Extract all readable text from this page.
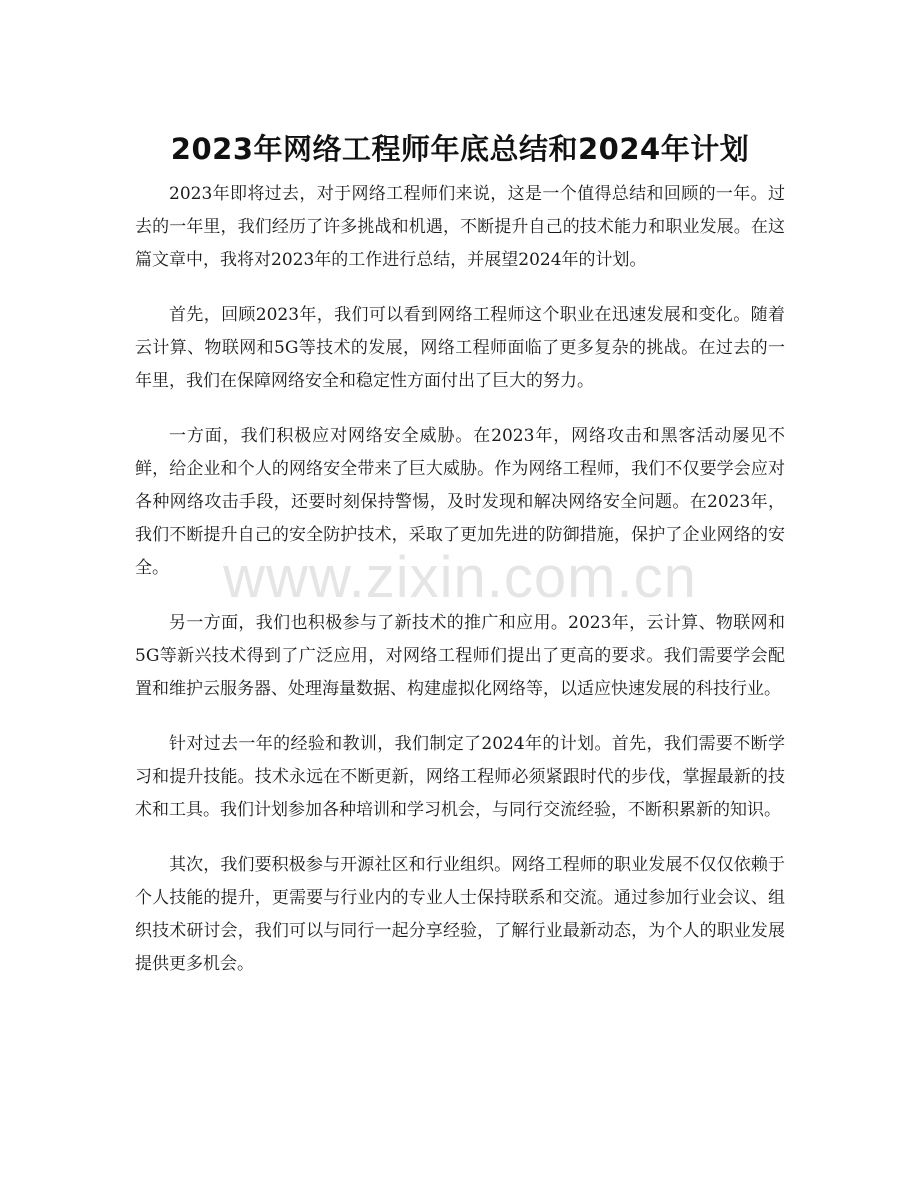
2023年网络工程师年底总结和2024年计划

2023年即将过去，对于网络工程师们来说，这是一个值得总结和回顾的一年。过去的一年里，我们经历了许多挑战和机遇，不断提升自己的技术能力和职业发展。在这篇文章中，我将对2023年的工作进行总结，并展望2024年的计划。

首先，回顾2023年，我们可以看到网络工程师这个职业在迅速发展和变化。随着云计算、物联网和5G等技术的发展，网络工程师面临了更多复杂的挑战。在过去的一年里，我们在保障网络安全和稳定性方面付出了巨大的努力。

一方面，我们积极应对网络安全威胁。在2023年，网络攻击和黑客活动屡见不鲜，给企业和个人的网络安全带来了巨大威胁。作为网络工程师，我们不仅要学会应对各种网络攻击手段，还要时刻保持警惕，及时发现和解决网络安全问题。在2023年，我们不断提升自己的安全防护技术，采取了更加先进的防御措施，保护了企业网络的安全。

另一方面，我们也积极参与了新技术的推广和应用。2023年，云计算、物联网和5G等新兴技术得到了广泛应用，对网络工程师们提出了更高的要求。我们需要学会配置和维护云服务器、处理海量数据、构建虚拟化网络等，以适应快速发展的科技行业。

针对过去一年的经验和教训，我们制定了2024年的计划。首先，我们需要不断学习和提升技能。技术永远在不断更新，网络工程师必须紧跟时代的步伐，掌握最新的技术和工具。我们计划参加各种培训和学习机会，与同行交流经验，不断积累新的知识。

其次，我们要积极参与开源社区和行业组织。网络工程师的职业发展不仅仅依赖于个人技能的提升，更需要与行业内的专业人士保持联系和交流。通过参加行业会议、组织技术研讨会，我们可以与同行一起分享经验，了解行业最新动态，为个人的职业发展提供更多机会。

www.zixin.com.cn
